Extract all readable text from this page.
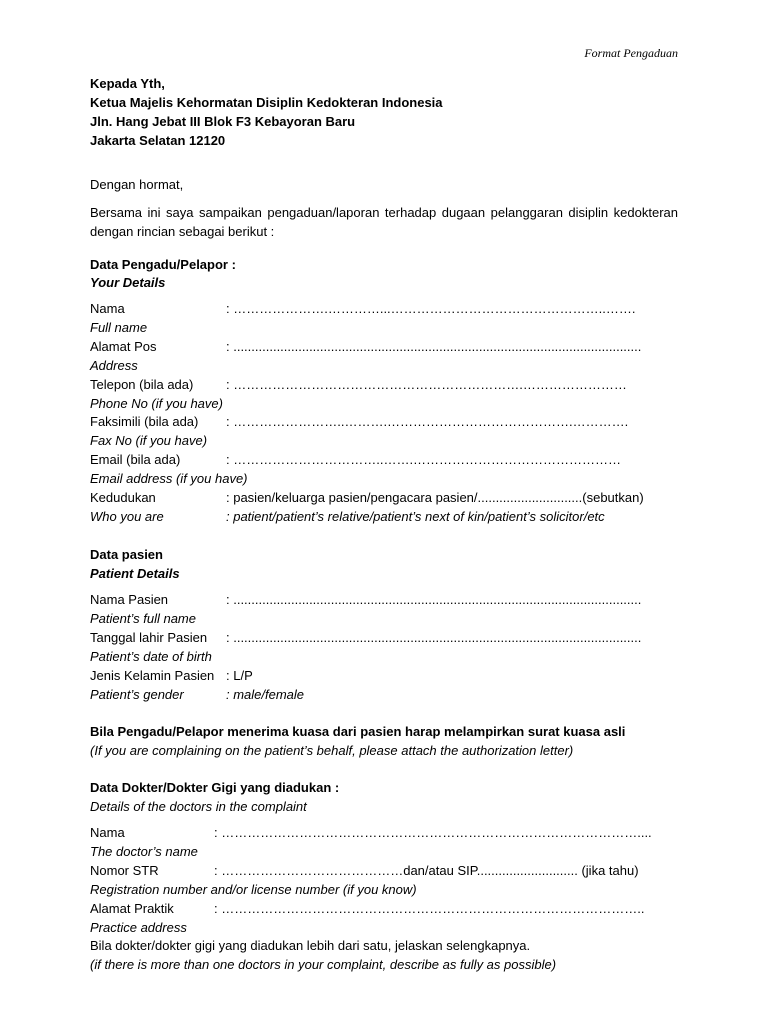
Format Pengaduan
Kepada Yth,
Ketua Majelis Kehormatan Disiplin Kedokteran Indonesia
Jln. Hang Jebat III Blok F3 Kebayoran Baru
Jakarta Selatan 12120
Dengan hormat,
Bersama ini saya sampaikan pengaduan/laporan terhadap dugaan pelanggaran disiplin kedokteran dengan rincian sebagai berikut :
Data Pengadu/Pelapor :
Your Details
Nama	: ………………….…………...…………………………………………..…….
Full name
Alamat Pos	: .................................................................................................................
Address
Telepon (bila ada)	: ………………………………………………………….……………………
Phone No (if you have)
Faksimili (bila ada) : ……………………..……….…………………………………….………….
Fax No (if you have)
Email (bila ada)	: ……………………………..…….…………………………………………
Email address (if you have)
Kedudukan	: pasien/keluarga pasien/pengacara pasien/.............................(sebutkan)
Who you are	: patient/patient’s relative/patient’s next of kin/patient’s solicitor/etc
Data pasien
Patient Details
Nama Pasien	: .................................................................................................................
Patient’s full name
Tanggal lahir Pasien : .................................................................................................................
Patient’s date of birth
Jenis Kelamin Pasien : L/P
Patient’s gender	: male/female
Bila Pengadu/Pelapor menerima kuasa dari pasien harap melampirkan surat kuasa asli
(If you are complaining on the patient’s behalf, please attach the authorization letter)
Data Dokter/Dokter Gigi yang diadukan :
Details of the doctors in the complaint
Nama	: ……………………………………………………………………………………....
The doctor’s name
Nomor STR	: ……………………………………dan/atau SIP............................ (jika tahu)
Registration number and/or license number (if you know)
Alamat Praktik	: ……………………………………………………………………………………..
Practice address
Bila dokter/dokter gigi yang diadukan lebih dari satu, jelaskan selengkapnya.
(if there is more than one doctors in your complaint, describe as fully as possible)
